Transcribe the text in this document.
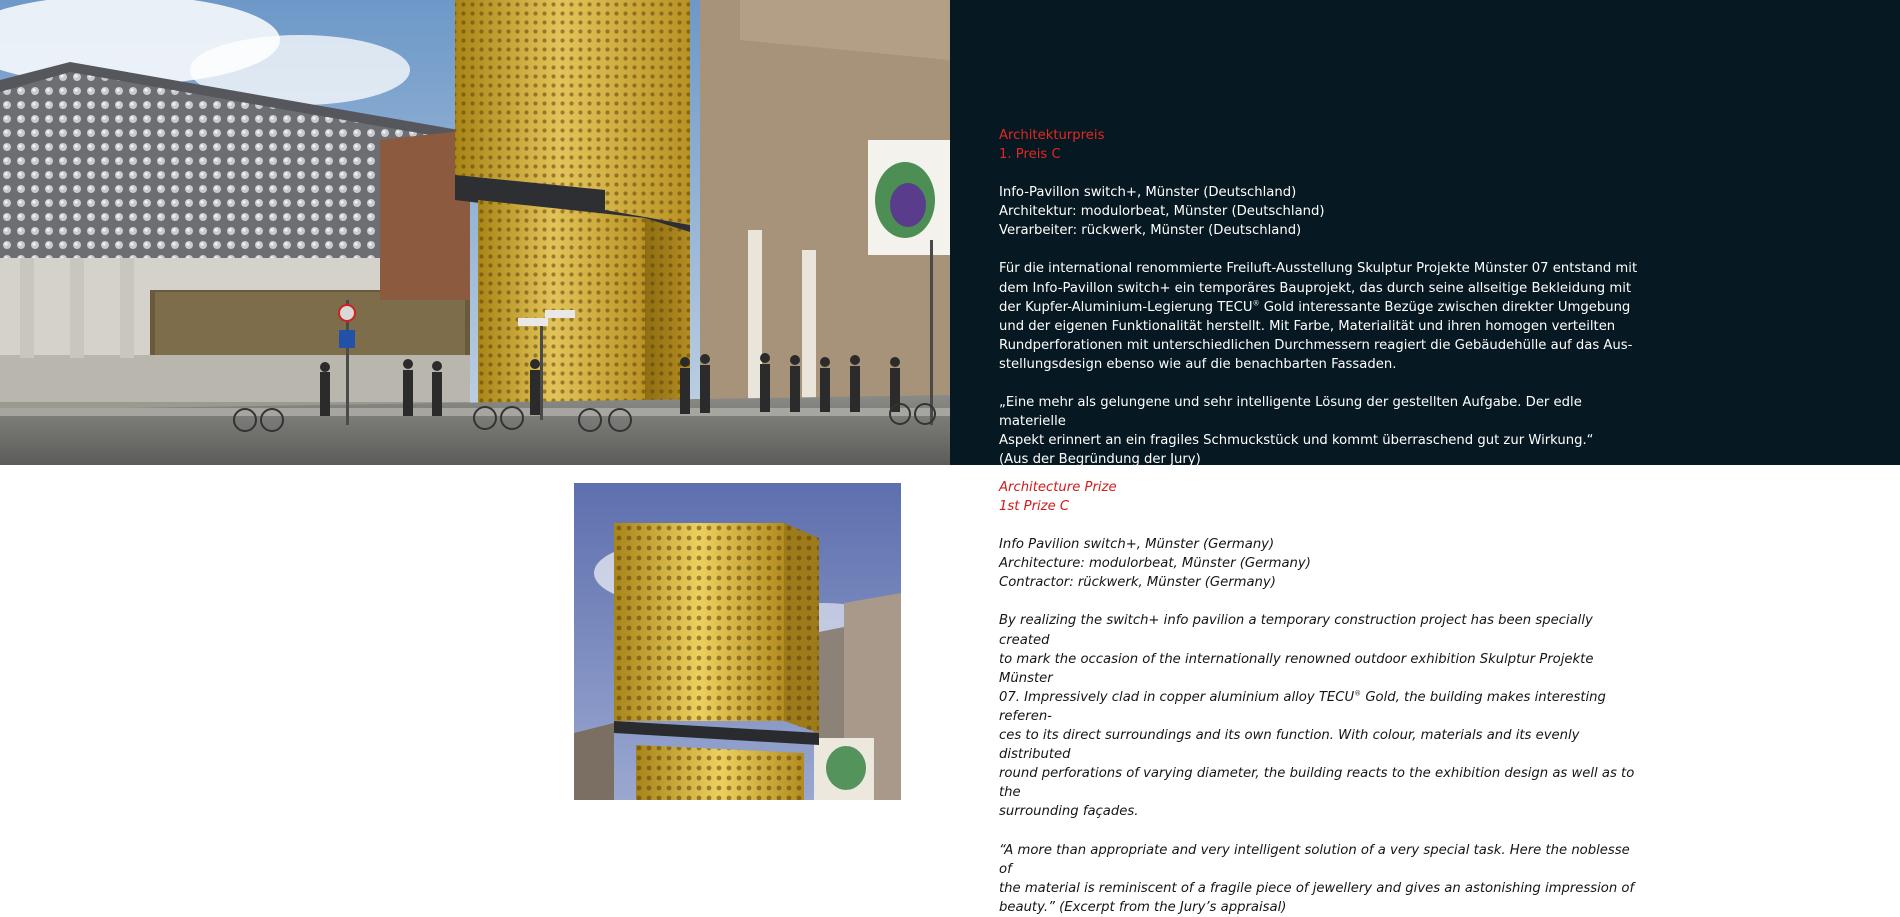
Architekturpreis

1. Preis C

Info-Pavillon switch+, Münster (Deutschland)

Architektur: modulorbeat, Münster (Deutschland)

Verarbeiter: rückwerk, Münster (Deutschland)

Für die international renommierte Freiluft-Ausstellung Skulptur Projekte Münster 07 entstand mit

dem Info-Pavillon switch+ ein temporäres Bauprojekt, das durch seine allseitige Bekleidung mit

der Kupfer-Aluminium-Legierung TECU® Gold interessante Bezüge zwischen direkter Umgebung

und der eigenen Funktionalität herstellt. Mit Farbe, Materialität und ihren homogen verteilten

Rundperforationen mit unterschiedlichen Durchmessern reagiert die Gebäudehülle auf das Aus-

stellungsdesign ebenso wie auf die benachbarten Fassaden.

„Eine mehr als gelungene und sehr intelligente Lösung der gestellten Aufgabe. Der edle materielle

Aspekt erinnert an ein fragiles Schmuckstück und kommt überraschend gut zur Wirkung.“

(Aus der Begründung der Jury)

Architecture Prize

1st Prize C

Info Pavilion switch+, Münster (Germany)

Architecture: modulorbeat, Münster (Germany)

Contractor: rückwerk, Münster (Germany)

By realizing the switch+ info pavilion a temporary construction project has been specially created

to mark the occasion of the internationally renowned outdoor exhibition Skulptur Projekte Münster

07. Impressively clad in copper aluminium alloy TECU® Gold, the building makes interesting referen-

ces to its direct surroundings and its own function. With colour, materials and its evenly distributed

round perforations of varying diameter, the building reacts to the exhibition design as well as to the

surrounding façades.

“A more than appropriate and very intelligent solution of a very special task. Here the noblesse of

the material is reminiscent of a fragile piece of jewellery and gives an astonishing impression of

beauty.” (Excerpt from the Jury’s appraisal)
